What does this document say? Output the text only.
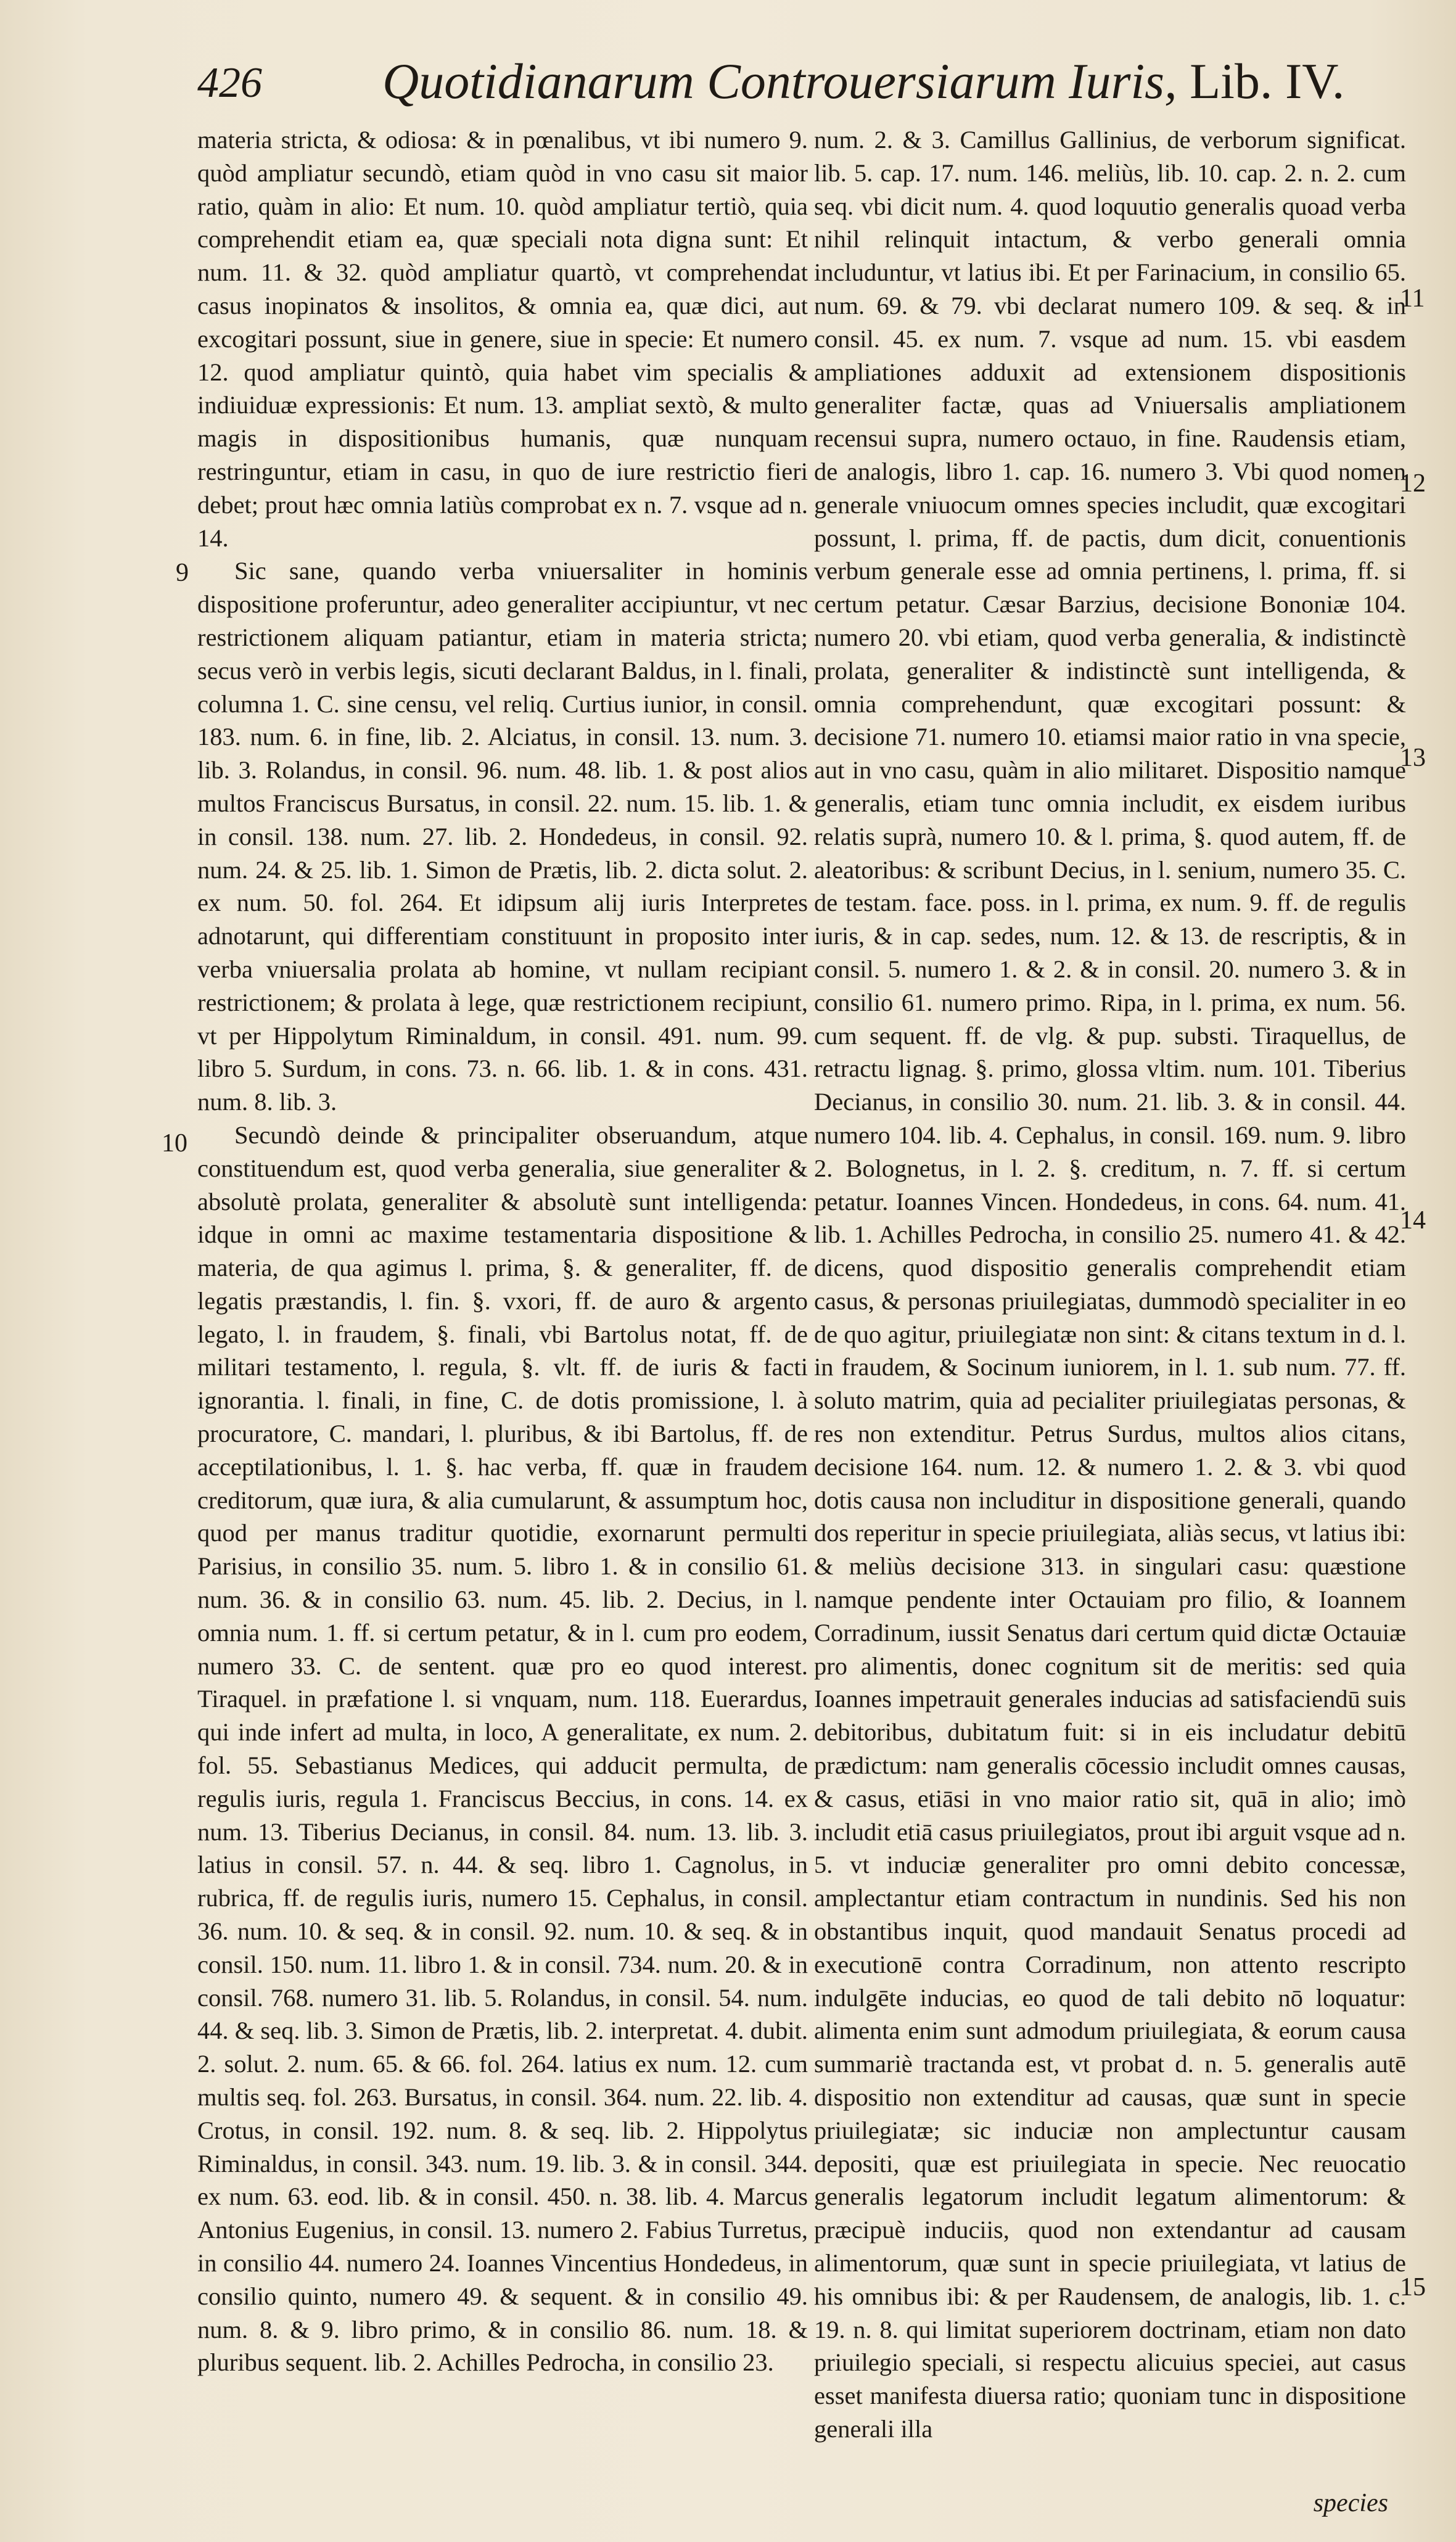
426 Quotidianarum Controuersiarum Iuris, Lib. IV.

materia stricta, & odiosa: & in pœnalibus, vt ibi numero 9. quòd ampliatur secundò, etiam quòd in vno casu sit maior ratio, quàm in alio: Et num. 10. quòd ampliatur tertiò, quia comprehendit etiam ea, quæ speciali nota digna sunt: Et num. 11. & 32. quòd ampliatur quartò, vt comprehendat casus inopinatos & insolitos, & omnia ea, quæ dici, aut excogitari possunt, siue in genere, siue in specie: Et numero 12. quod ampliatur quintò, quia habet vim specialis & indiuiduæ expressionis: Et num. 13. ampliat sextò, & multo magis in dispositionibus humanis, quæ nunquam restringuntur, etiam in casu, in quo de iure restrictio fieri debet; prout hæc omnia latiùs comprobat ex n. 7. vsque ad n. 14.

Sic sane, quando verba vniuersaliter in hominis dispositione proferuntur, adeo generaliter accipiuntur, vt nec restrictionem aliquam patiantur, etiam in materia stricta; secus verò in verbis legis, sicuti declarant Baldus, in l. finali, columna 1. C. sine censu, vel reliq. Curtius iunior, in consil. 183. num. 6. in fine, lib. 2. Alciatus, in consil. 13. num. 3. lib. 3. Rolandus, in consil. 96. num. 48. lib. 1. & post alios multos Franciscus Bursatus, in consil. 22. num. 15. lib. 1. & in consil. 138. num. 27. lib. 2. Hondedeus, in consil. 92. num. 24. & 25. lib. 1. Simon de Prætis, lib. 2. dicta solut. 2. ex num. 50. fol. 264. Et idipsum alij iuris Interpretes adnotarunt, qui differentiam constituunt in proposito inter verba vniuersalia prolata ab homine, vt nullam recipiant restrictionem; & prolata à lege, quæ restrictionem recipiunt, vt per Hippolytum Riminaldum, in consil. 491. num. 99. libro 5. Surdum, in cons. 73. n. 66. lib. 1. & in cons. 431. num. 8. lib. 3.

Secundò deinde & principaliter obseruandum, atque constituendum est, quod verba generalia, siue generaliter & absolutè prolata, generaliter & absolutè sunt intelligenda: idque in omni ac maxime testamentaria dispositione & materia, de qua agimus l. prima, §. & generaliter, ff. de legatis præstandis, l. fin. §. vxori, ff. de auro & argento legato, l. in fraudem, §. finali, vbi Bartolus notat, ff. de militari testamento, l. regula, §. vlt. ff. de iuris & facti ignorantia. l. finali, in fine, C. de dotis promissione, l. à procuratore, C. mandari, l. pluribus, & ibi Bartolus, ff. de acceptilationibus, l. 1. §. hac verba, ff. quæ in fraudem creditorum, quæ iura, & alia cumularunt, & assumptum hoc, quod per manus traditur quotidie, exornarunt permulti Parisius, in consilio 35. num. 5. libro 1. & in consilio 61. num. 36. & in consilio 63. num. 45. lib. 2. Decius, in l. omnia num. 1. ff. si certum petatur, & in l. cum pro eodem, numero 33. C. de sentent. quæ pro eo quod interest. Tiraquel. in præfatione l. si vnquam, num. 118. Euerardus, qui inde infert ad multa, in loco, A generalitate, ex num. 2. fol. 55. Sebastianus Medices, qui adducit permulta, de regulis iuris, regula 1. Franciscus Beccius, in cons. 14. ex num. 13. Tiberius Decianus, in consil. 84. num. 13. lib. 3. latius in consil. 57. n. 44. & seq. libro 1. Cagnolus, in rubrica, ff. de regulis iuris, numero 15. Cephalus, in consil. 36. num. 10. & seq. & in consil. 92. num. 10. & seq. & in consil. 150. num. 11. libro 1. & in consil. 734. num. 20. & in consil. 768. numero 31. lib. 5. Rolandus, in consil. 54. num. 44. & seq. lib. 3. Simon de Prætis, lib. 2. interpretat. 4. dubit. 2. solut. 2. num. 65. & 66. fol. 264. latius ex num. 12. cum multis seq. fol. 263. Bursatus, in consil. 364. num. 22. lib. 4. Crotus, in consil. 192. num. 8. & seq. lib. 2. Hippolytus Riminaldus, in consil. 343. num. 19. lib. 3. & in consil. 344. ex num. 63. eod. lib. & in consil. 450. n. 38. lib. 4. Marcus Antonius Eugenius, in consil. 13. numero 2. Fabius Turretus, in consilio 44. numero 24. Ioannes Vincentius Hondedeus, in consilio quinto, numero 49. & sequent. & in consilio 49. num. 8. & 9. libro primo, & in consilio 86. num. 18. & pluribus sequent. lib. 2. Achilles Pedrocha, in consilio 23.

num. 2. & 3. Camillus Gallinius, de verborum significat. lib. 5. cap. 17. num. 146. meliùs, lib. 10. cap. 2. n. 2. cum seq. vbi dicit num. 4. quod loquutio generalis quoad verba nihil relinquit intactum, & verbo generali omnia includuntur, vt latius ibi. Et per Farinacium, in consilio 65. num. 69. & 79. vbi declarat numero 109. & seq. & in consil. 45. ex num. 7. vsque ad num. 15. vbi easdem ampliationes adduxit ad extensionem dispositionis generaliter factæ, quas ad Vniuersalis ampliationem recensui supra, numero octauo, in fine. Raudensis etiam, de analogis, libro 1. cap. 16. numero 3. Vbi quod nomen generale vniuocum omnes species includit, quæ excogitari possunt, l. prima, ff. de pactis, dum dicit, conuentionis verbum generale esse ad omnia pertinens, l. prima, ff. si certum petatur. Cæsar Barzius, decisione Bononiæ 104. numero 20. vbi etiam, quod verba generalia, & indistinctè prolata, generaliter & indistinctè sunt intelligenda, & omnia comprehendunt, quæ excogitari possunt: & decisione 71. numero 10. etiamsi maior ratio in vna specie, aut in vno casu, quàm in alio militaret. Dispositio namque generalis, etiam tunc omnia includit, ex eisdem iuribus relatis suprà, numero 10. & l. prima, §. quod autem, ff. de aleatoribus: & scribunt Decius, in l. senium, numero 35. C. de testam. face. poss. in l. prima, ex num. 9. ff. de regulis iuris, & in cap. sedes, num. 12. & 13. de rescriptis, & in consil. 5. numero 1. & 2. & in consil. 20. numero 3. & in consilio 61. numero primo. Ripa, in l. prima, ex num. 56. cum sequent. ff. de vlg. & pup. substi. Tiraquellus, de retractu lignag. §. primo, glossa vltim. num. 101. Tiberius Decianus, in consilio 30. num. 21. lib. 3. & in consil. 44. numero 104. lib. 4. Cephalus, in consil. 169. num. 9. libro 2. Bolognetus, in l. 2. §. creditum, n. 7. ff. si certum petatur. Ioannes Vincen. Hondedeus, in cons. 64. num. 41. lib. 1. Achilles Pedrocha, in consilio 25. numero 41. & 42. dicens, quod dispositio generalis comprehendit etiam casus, & personas priuilegiatas, dummodò specialiter in eo de quo agitur, priuilegiatæ non sint: & citans textum in d. l. in fraudem, & Socinum iuniorem, in l. 1. sub num. 77. ff. soluto matrim, quia ad pecialiter priuilegiatas personas, & res non extenditur. Petrus Surdus, multos alios citans, decisione 164. num. 12. & numero 1. 2. & 3. vbi quod dotis causa non includitur in dispositione generali, quando dos reperitur in specie priuilegiata, aliàs secus, vt latius ibi: & meliùs decisione 313. in singulari casu: quæstione namque pendente inter Octauiam pro filio, & Ioannem Corradinum, iussit Senatus dari certum quid dictæ Octauiæ pro alimentis, donec cognitum sit de meritis: sed quia Ioannes impetrauit generales inducias ad satisfaciendū suis debitoribus, dubitatum fuit: si in eis includatur debitū prædictum: nam generalis cōcessio includit omnes causas, & casus, etiāsi in vno maior ratio sit, quā in alio; imò includit etiā casus priuilegiatos, prout ibi arguit vsque ad n. 5. vt induciæ generaliter pro omni debito concessæ, amplectantur etiam contractum in nundinis. Sed his non obstantibus inquit, quod mandauit Senatus procedi ad executionē contra Corradinum, non attento rescripto indulgēte inducias, eo quod de tali debito nō loquatur: alimenta enim sunt admodum priuilegiata, & eorum causa summariè tractanda est, vt probat d. n. 5. generalis autē dispositio non extenditur ad causas, quæ sunt in specie priuilegiatæ; sic induciæ non amplectuntur causam depositi, quæ est priuilegiata in specie. Nec reuocatio generalis legatorum includit legatum alimentorum: & præcipuè induciis, quod non extendantur ad causam alimentorum, quæ sunt in specie priuilegiata, vt latius de his omnibus ibi: & per Raudensem, de analogis, lib. 1. c. 19. n. 8. qui limitat superiorem doctrinam, etiam non dato priuilegio speciali, si respectu alicuius speciei, aut casus esset manifesta diuersa ratio; quoniam tunc in dispositione generali illa

9
10
11
12
13
14
15
species
